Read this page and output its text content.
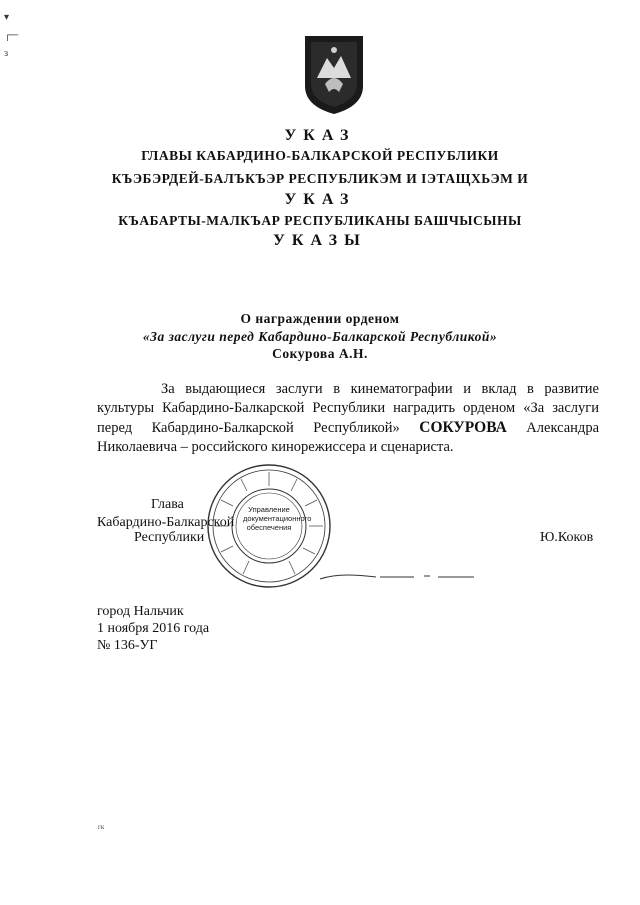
▾
┌─
ɜ
УКАЗ
ГЛАВЫ КАБАРДИНО-БАЛКАРСКОЙ РЕСПУБЛИКИ
КЪЭБЭРДЕЙ-БАЛЪКЪЭР РЕСПУБЛИКЭМ И ІЭТАЩХЬЭМ И
УКАЗ
КЪАБАРТЫ-МАЛКЪАР РЕСПУБЛИКАНЫ БАШЧЫСЫНЫ
УКАЗЫ
О награждении орденом
«За заслуги перед Кабардино-Балкарской Республикой»
Сокурова А.Н.
За выдающиеся заслуги в кинематографии и вклад в развитие культуры Кабардино-Балкарской Республики наградить орденом «За заслуги перед Кабардино-Балкарской Республикой» СОКУРОВА Александра Николаевича – российского кинорежиссера и сценариста.
Управление документационного обеспечения
Глава
Кабардино-Балкарской
Республики	Ю.Коков
город Нальчик
1 ноября 2016 года
№ 136-УГ
гк
